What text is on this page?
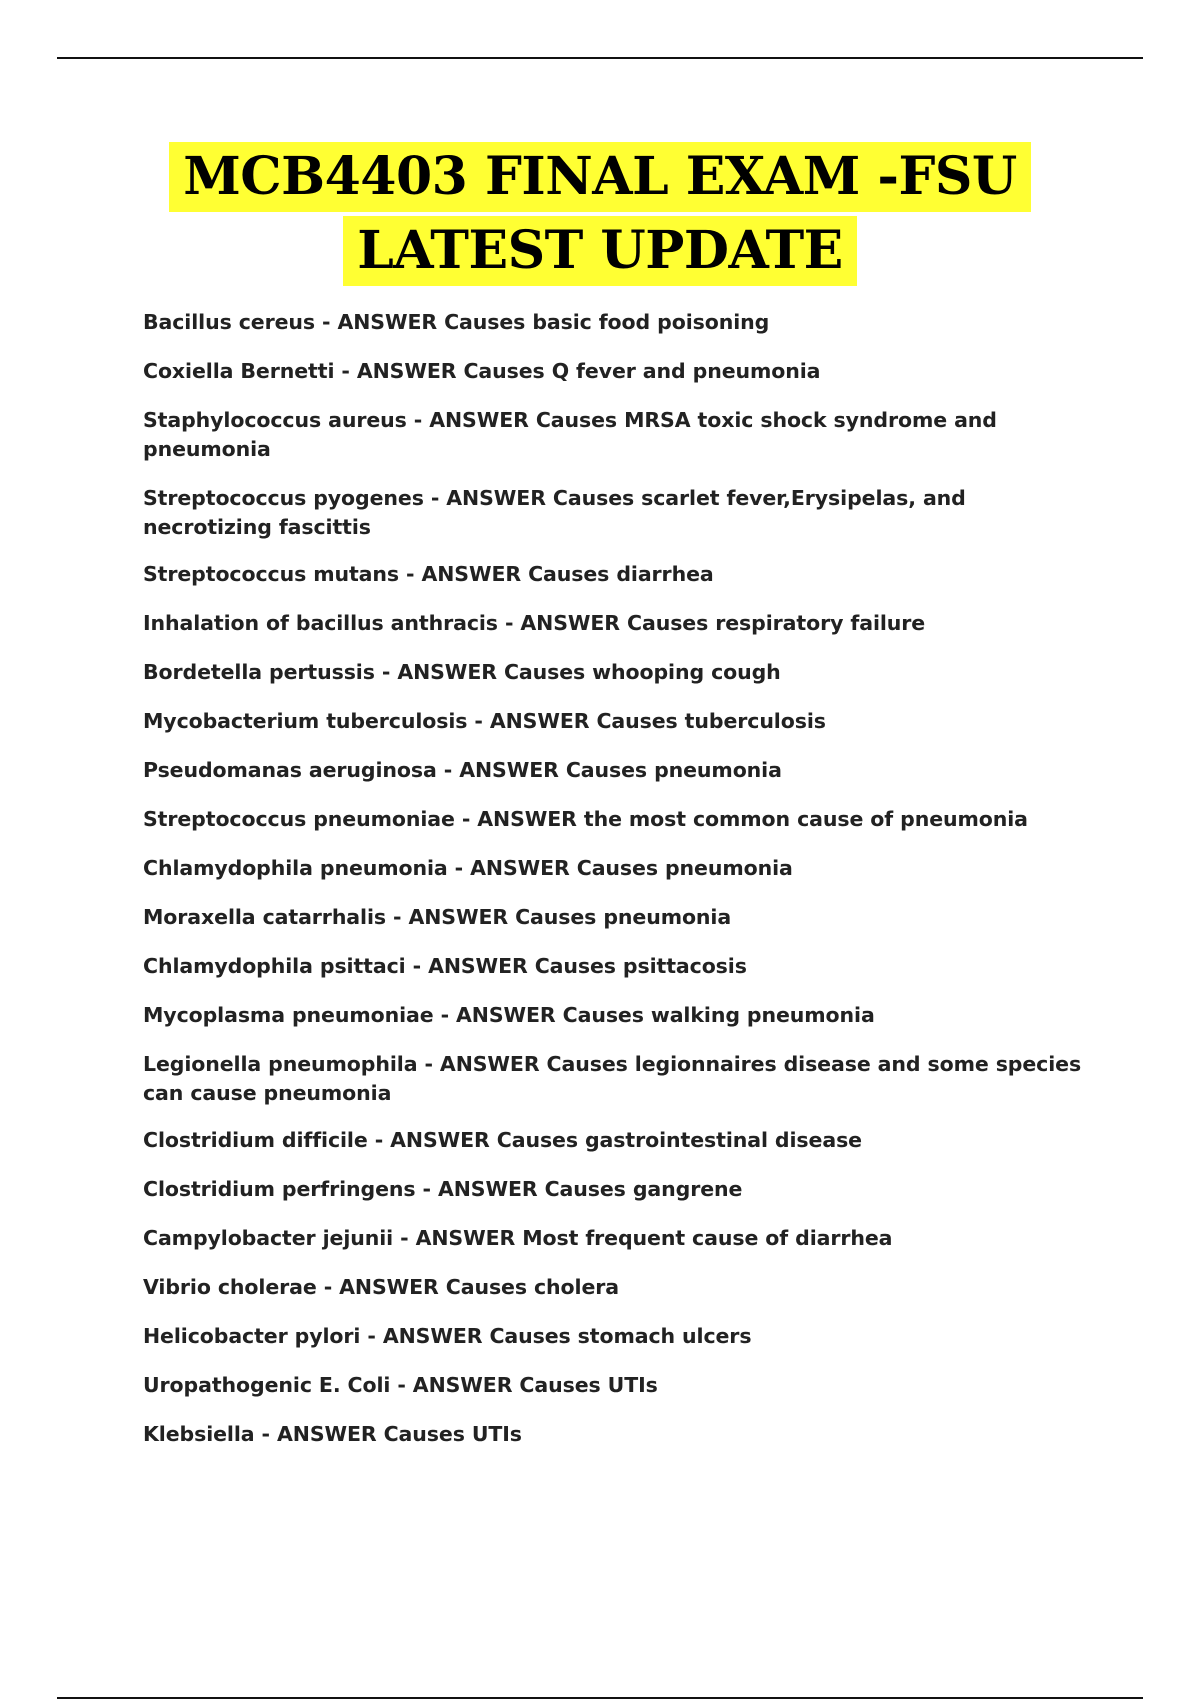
MCB4403 FINAL EXAM -FSU
LATEST UPDATE
Bacillus cereus - ANSWER Causes basic food poisoning
Coxiella Bernetti - ANSWER Causes Q fever and pneumonia
Staphylococcus aureus - ANSWER Causes MRSA toxic shock syndrome and pneumonia
Streptococcus pyogenes - ANSWER Causes scarlet fever,Erysipelas, and necrotizing fascittis
Streptococcus mutans - ANSWER Causes diarrhea
Inhalation of bacillus anthracis - ANSWER Causes respiratory failure
Bordetella pertussis - ANSWER Causes whooping cough
Mycobacterium tuberculosis - ANSWER Causes tuberculosis
Pseudomanas aeruginosa - ANSWER Causes pneumonia
Streptococcus pneumoniae - ANSWER the most common cause of pneumonia
Chlamydophila pneumonia - ANSWER Causes pneumonia
Moraxella catarrhalis - ANSWER Causes pneumonia
Chlamydophila psittaci - ANSWER Causes psittacosis
Mycoplasma pneumoniae - ANSWER Causes walking pneumonia
Legionella pneumophila - ANSWER Causes legionnaires disease and some species can cause pneumonia
Clostridium difficile - ANSWER Causes gastrointestinal disease
Clostridium perfringens - ANSWER Causes gangrene
Campylobacter jejunii - ANSWER Most frequent cause of diarrhea
Vibrio cholerae - ANSWER Causes cholera
Helicobacter pylori - ANSWER Causes stomach ulcers
Uropathogenic E. Coli - ANSWER Causes UTIs
Klebsiella - ANSWER Causes UTIs
